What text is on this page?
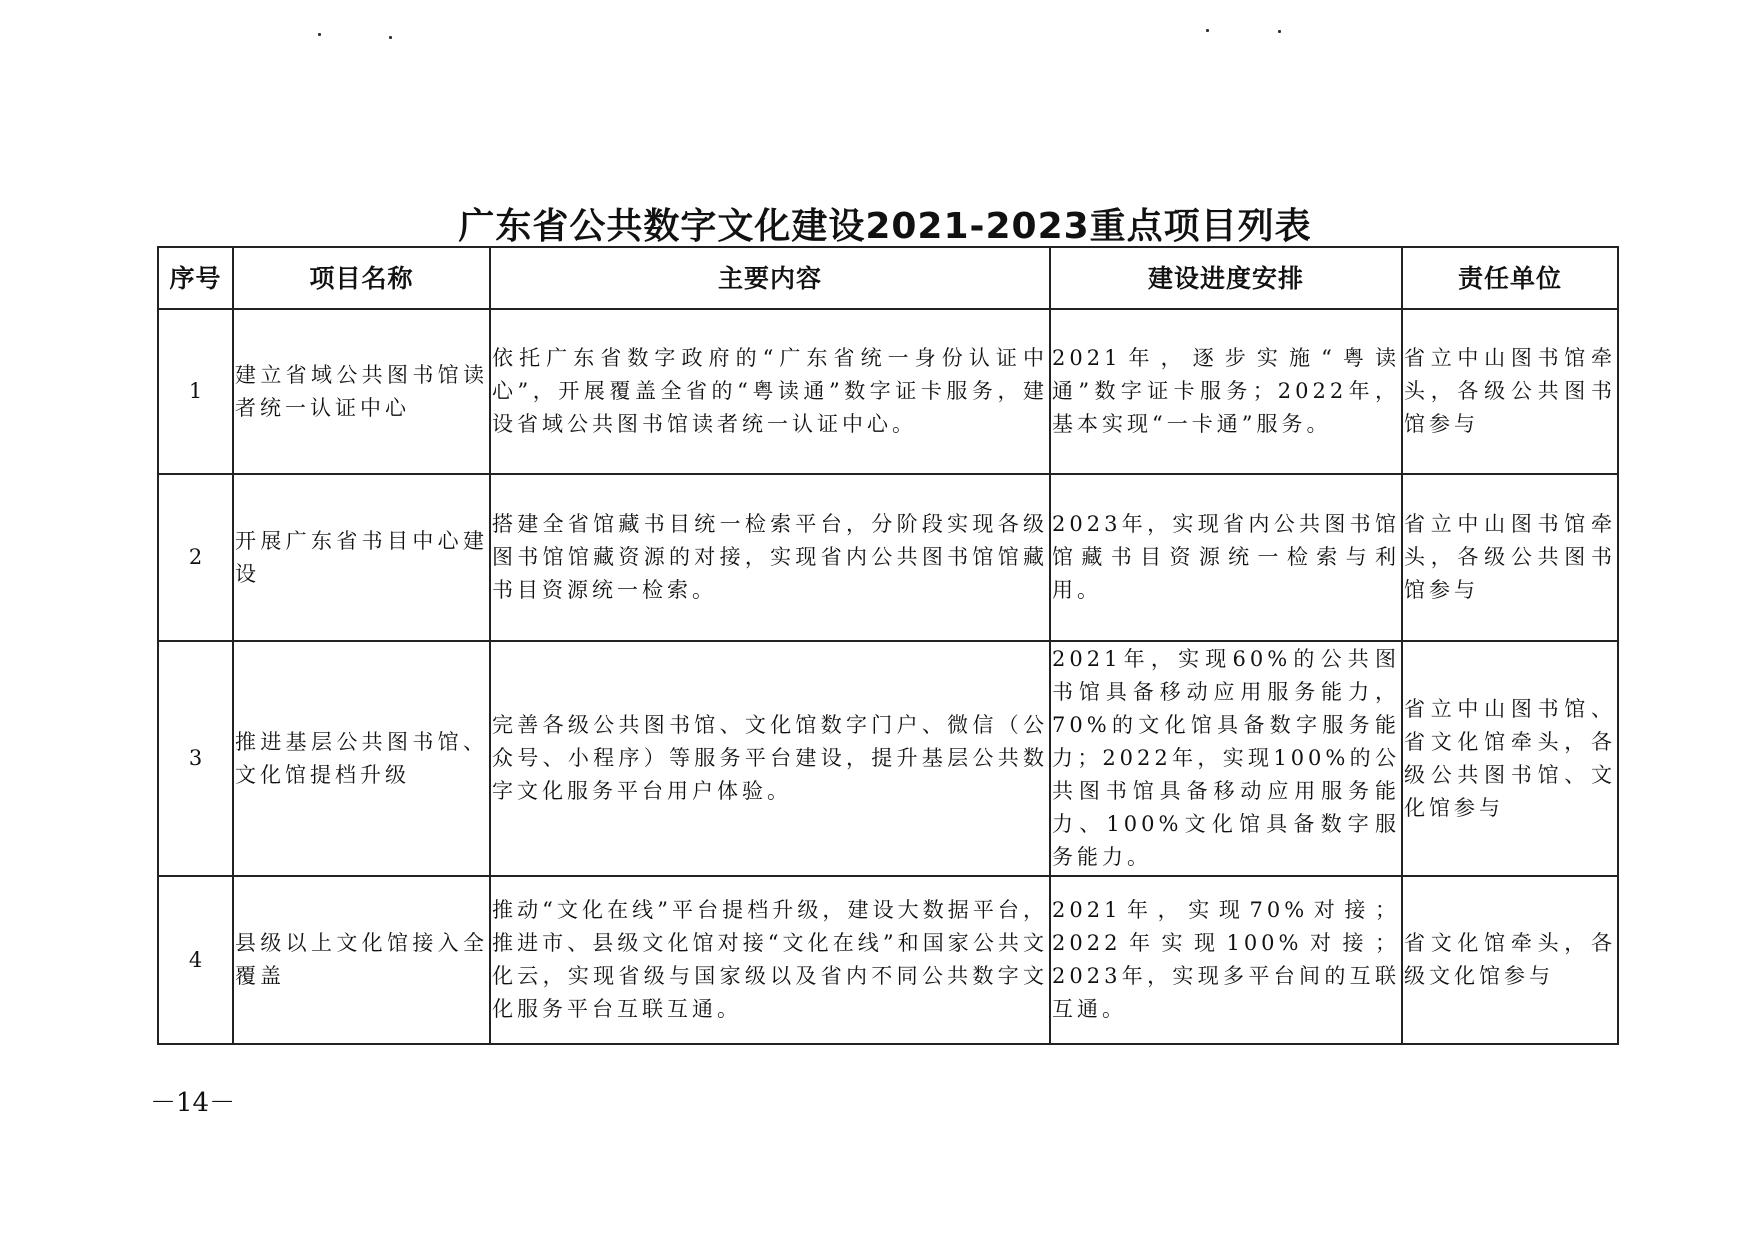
广东省公共数字文化建设2021-2023重点项目列表
序号	项目名称	主要内容	建设进度安排	责任单位
1	建立省域公共图书馆读者统一认证中心	依托广东省数字政府的“广东省统一身份认证中心”，开展覆盖全省的“粤读通”数字证卡服务，建设省域公共图书馆读者统一认证中心。	2021年，逐步实施“粤读通”数字证卡服务；2022年，基本实现“一卡通”服务。	省立中山图书馆牵头，各级公共图书馆参与
2	开展广东省书目中心建设	搭建全省馆藏书目统一检索平台，分阶段实现各级图书馆馆藏资源的对接，实现省内公共图书馆馆藏书目资源统一检索。	2023年，实现省内公共图书馆馆藏书目资源统一检索与利用。	省立中山图书馆牵头，各级公共图书馆参与
3	推进基层公共图书馆、文化馆提档升级	完善各级公共图书馆、文化馆数字门户、微信（公众号、小程序）等服务平台建设，提升基层公共数字文化服务平台用户体验。	2021年，实现60%的公共图书馆具备移动应用服务能力，70%的文化馆具备数字服务能力；2022年，实现100%的公共图书馆具备移动应用服务能力、100%文化馆具备数字服务能力。	省立中山图书馆、省文化馆牵头，各级公共图书馆、文化馆参与
4	县级以上文化馆接入全覆盖	推动“文化在线”平台提档升级，建设大数据平台，推进市、县级文化馆对接“文化在线”和国家公共文化云，实现省级与国家级以及省内不同公共数字文化服务平台互联互通。	2021年，实现70%对接；2022年实现100%对接；2023年，实现多平台间的互联互通。	省文化馆牵头，各级文化馆参与
－14－
